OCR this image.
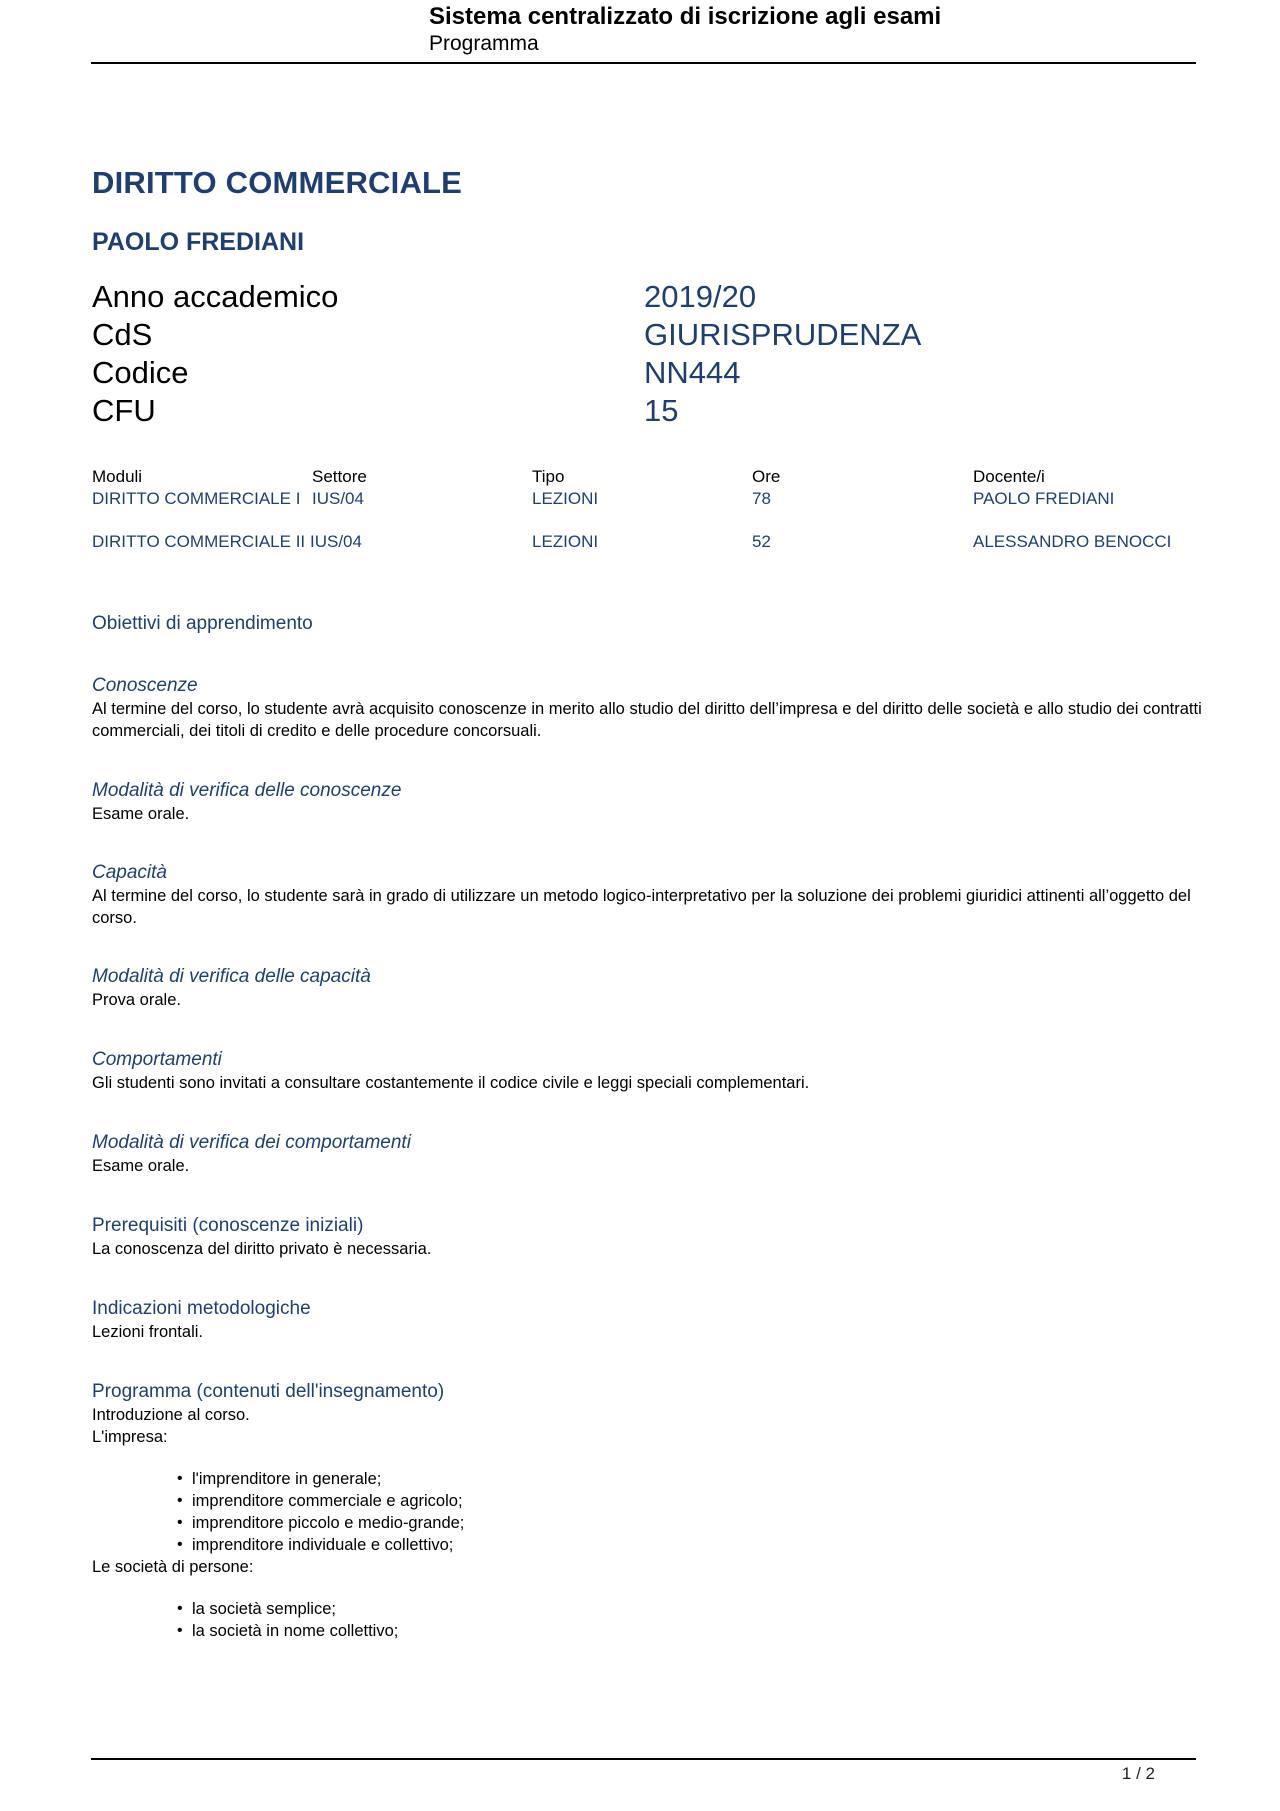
Sistema centralizzato di iscrizione agli esami
Programma
DIRITTO COMMERCIALE
PAOLO FREDIANI
Anno accademico	2019/20
CdS	GIURISPRUDENZA
Codice	NN444
CFU	15
Moduli	Settore	Tipo	Ore	Docente/i
DIRITTO COMMERCIALE I IUS/04	LEZIONI	78	PAOLO FREDIANI
DIRITTO COMMERCIALE II IUS/04	LEZIONI	52	ALESSANDRO BENOCCI
Obiettivi di apprendimento
Conoscenze

Al termine del corso, lo studente avrà acquisito conoscenze in merito allo studio del diritto dell’impresa e del diritto delle società e allo studio dei contratti commerciali, dei titoli di credito e delle procedure concorsuali.

Modalità di verifica delle conoscenze

Esame orale.

Capacità

Al termine del corso, lo studente sarà in grado di utilizzare un metodo logico-interpretativo per la soluzione dei problemi giuridici attinenti all’oggetto del corso.

Modalità di verifica delle capacità

Prova orale.

Comportamenti

Gli studenti sono invitati a consultare costantemente il codice civile e leggi speciali complementari.

Modalità di verifica dei comportamenti

Esame orale.

Prerequisiti (conoscenze iniziali)

La conoscenza del diritto privato è necessaria.

Indicazioni metodologiche

Lezioni frontali.

Programma (contenuti dell'insegnamento)

Introduzione al corso.

L'impresa:

• l'imprenditore in generale;
• imprenditore commerciale e agricolo;
• imprenditore piccolo e medio-grande;
• imprenditore individuale e collettivo;

Le società di persone:

• la società semplice;
• la società in nome collettivo;
1 / 2
